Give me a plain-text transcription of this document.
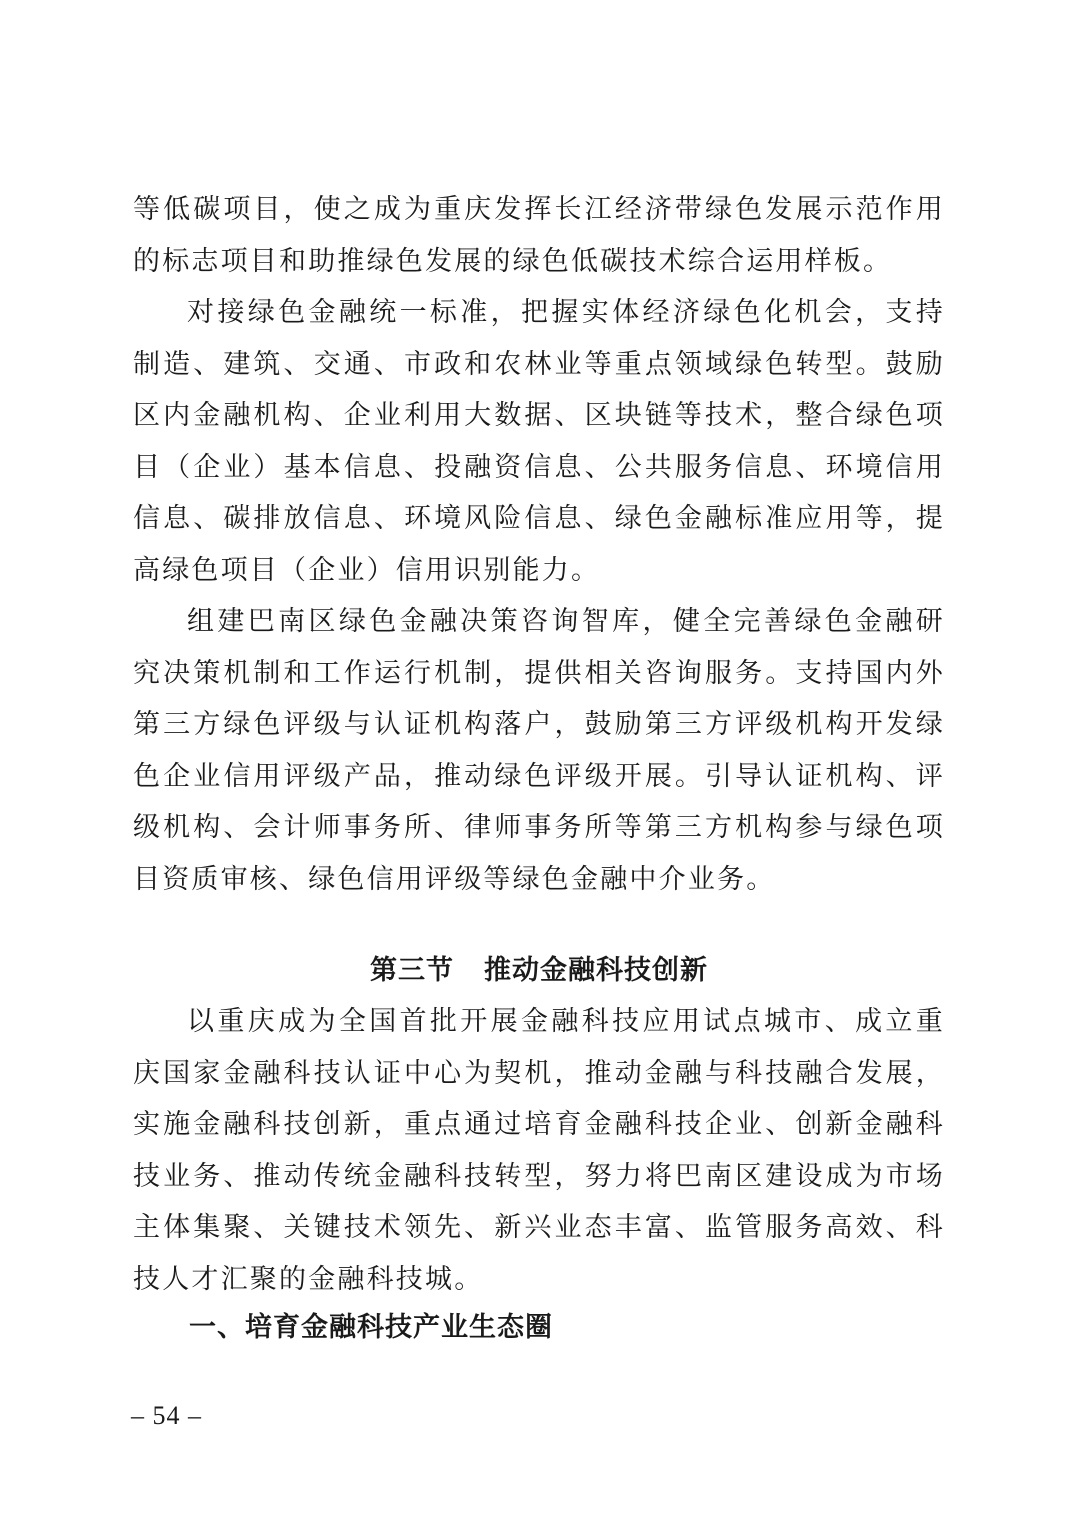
等低碳项目，使之成为重庆发挥长江经济带绿色发展示范作用的标志项目和助推绿色发展的绿色低碳技术综合运用样板。

对接绿色金融统一标准，把握实体经济绿色化机会，支持制造、建筑、交通、市政和农林业等重点领域绿色转型。鼓励区内金融机构、企业利用大数据、区块链等技术，整合绿色项目（企业）基本信息、投融资信息、公共服务信息、环境信用信息、碳排放信息、环境风险信息、绿色金融标准应用等，提高绿色项目（企业）信用识别能力。

组建巴南区绿色金融决策咨询智库，健全完善绿色金融研究决策机制和工作运行机制，提供相关咨询服务。支持国内外第三方绿色评级与认证机构落户，鼓励第三方评级机构开发绿色企业信用评级产品，推动绿色评级开展。引导认证机构、评级机构、会计师事务所、律师事务所等第三方机构参与绿色项目资质审核、绿色信用评级等绿色金融中介业务。

第三节 推动金融科技创新

以重庆成为全国首批开展金融科技应用试点城市、成立重庆国家金融科技认证中心为契机，推动金融与科技融合发展，实施金融科技创新，重点通过培育金融科技企业、创新金融科技业务、推动传统金融科技转型，努力将巴南区建设成为市场主体集聚、关键技术领先、新兴业态丰富、监管服务高效、科技人才汇聚的金融科技城。

一、培育金融科技产业生态圈
– 54 –
